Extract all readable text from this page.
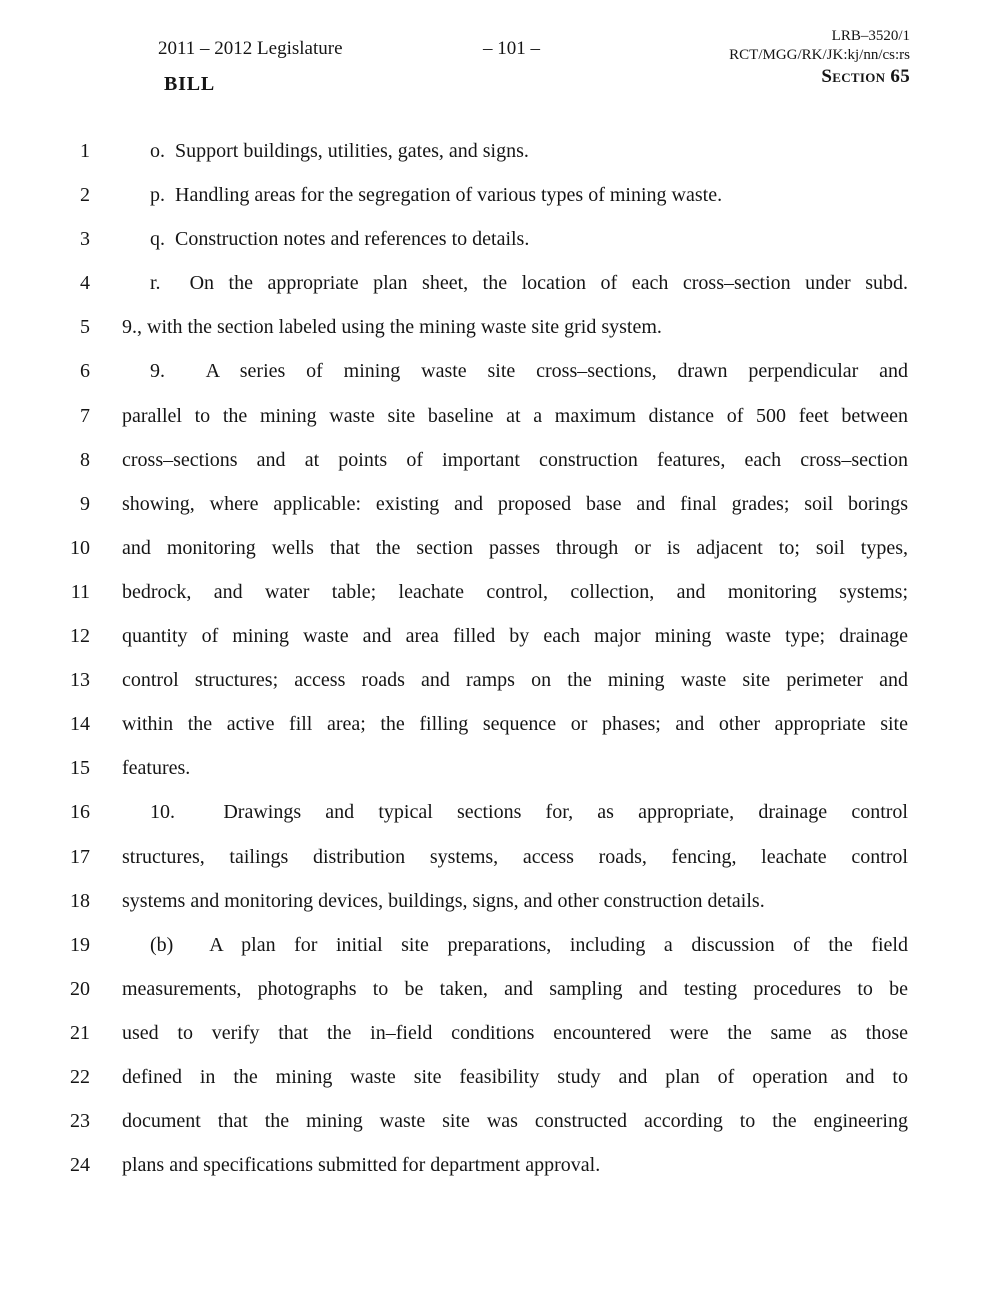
2011 – 2012 Legislature	– 101 –
LRB–3520/1
RCT/MGG/RK/JK:kj/nn/cs:rs
Section 65
BILL
1	o.  Support buildings, utilities, gates, and signs.
2	p.  Handling areas for the segregation of various types of mining waste.
3	q.  Construction notes and references to details.
4	r.  On the appropriate plan sheet, the location of each cross–section under subd.
5 9., with the section labeled using the mining waste site grid system.
6	9.  A series of mining waste site cross–sections, drawn perpendicular and
7 parallel to the mining waste site baseline at a maximum distance of 500 feet between
8 cross–sections and at points of important construction features, each cross–section
9 showing, where applicable: existing and proposed base and final grades; soil borings
10 and monitoring wells that the section passes through or is adjacent to; soil types,
11 bedrock, and water table; leachate control, collection, and monitoring systems;
12 quantity of mining waste and area filled by each major mining waste type; drainage
13 control structures; access roads and ramps on the mining waste site perimeter and
14 within the active fill area; the filling sequence or phases; and other appropriate site
15 features.
16	10.  Drawings and typical sections for, as appropriate, drainage control
17 structures, tailings distribution systems, access roads, fencing, leachate control
18 systems and monitoring devices, buildings, signs, and other construction details.
19	(b)  A plan for initial site preparations, including a discussion of the field
20 measurements, photographs to be taken, and sampling and testing procedures to be
21 used to verify that the in–field conditions encountered were the same as those
22 defined in the mining waste site feasibility study and plan of operation and to
23 document that the mining waste site was constructed according to the engineering
24 plans and specifications submitted for department approval.
